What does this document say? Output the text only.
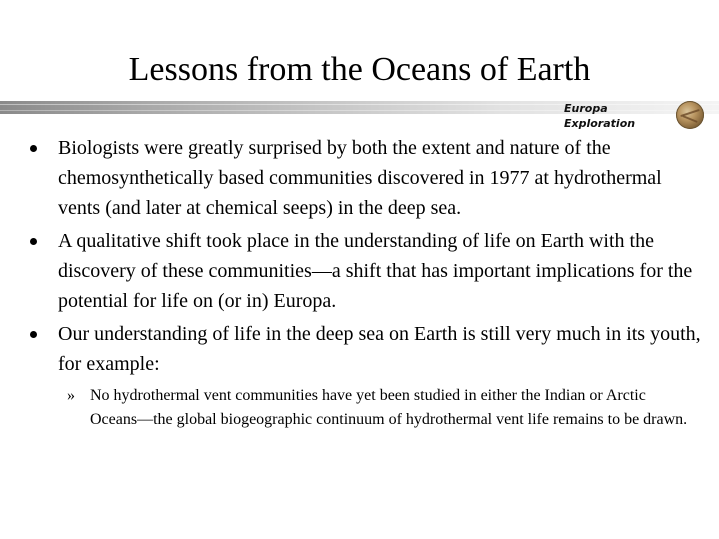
Lessons from the Oceans of Earth
Europa
Exploration
Biologists were greatly surprised by both the extent and nature of the chemosynthetically based communities discovered in 1977 at hydrothermal vents (and later at chemical seeps) in the deep sea.
A qualitative shift took place in the understanding of life on Earth with the discovery of these communities—a shift that has important implications for the potential for life on (or in) Europa.
Our understanding of life in the deep sea on Earth is still very much in its youth, for example:
» No hydrothermal vent communities have yet been studied in either the Indian or Arctic Oceans—the global biogeographic continuum of hydrothermal vent life remains to be drawn.
